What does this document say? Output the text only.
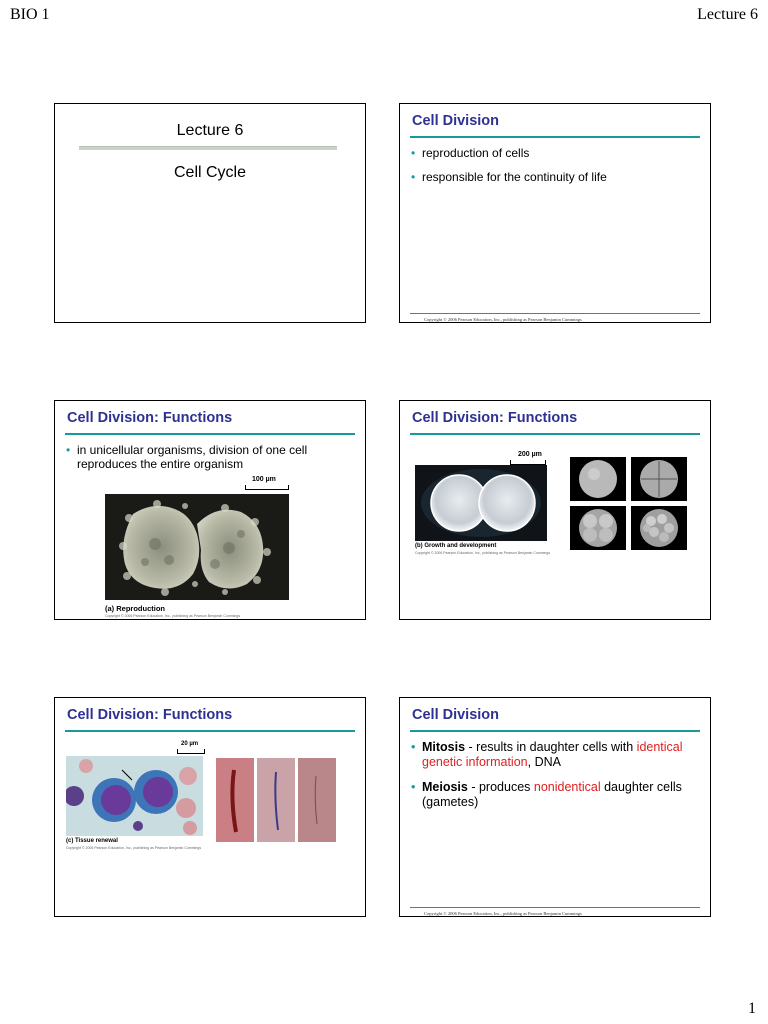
BIO 1	Lecture 6
Lecture 6
Cell Cycle
Cell Division
• reproduction of cells
• responsible for the continuity of life
Copyright © 2006 Pearson Education, Inc., publishing as Pearson Benjamin Cummings
Cell Division: Functions
• in unicellular organisms, division of one cell reproduces the entire organism
100 µm
(a) Reproduction
Copyright © 2006 Pearson Education, Inc., publishing as Pearson Benjamin Cummings
Cell Division: Functions
200 µm
(b) Growth and development
Copyright © 2006 Pearson Education, Inc., publishing as Pearson Benjamin Cummings
Cell Division: Functions
20 µm
(c) Tissue renewal
Copyright © 2006 Pearson Education, Inc., publishing as Pearson Benjamin Cummings
Cell Division
• Mitosis - results in daughter cells with identical genetic information, DNA
• Meiosis - produces nonidentical daughter cells (gametes)
Copyright © 2006 Pearson Education, Inc., publishing as Pearson Benjamin Cummings
1
